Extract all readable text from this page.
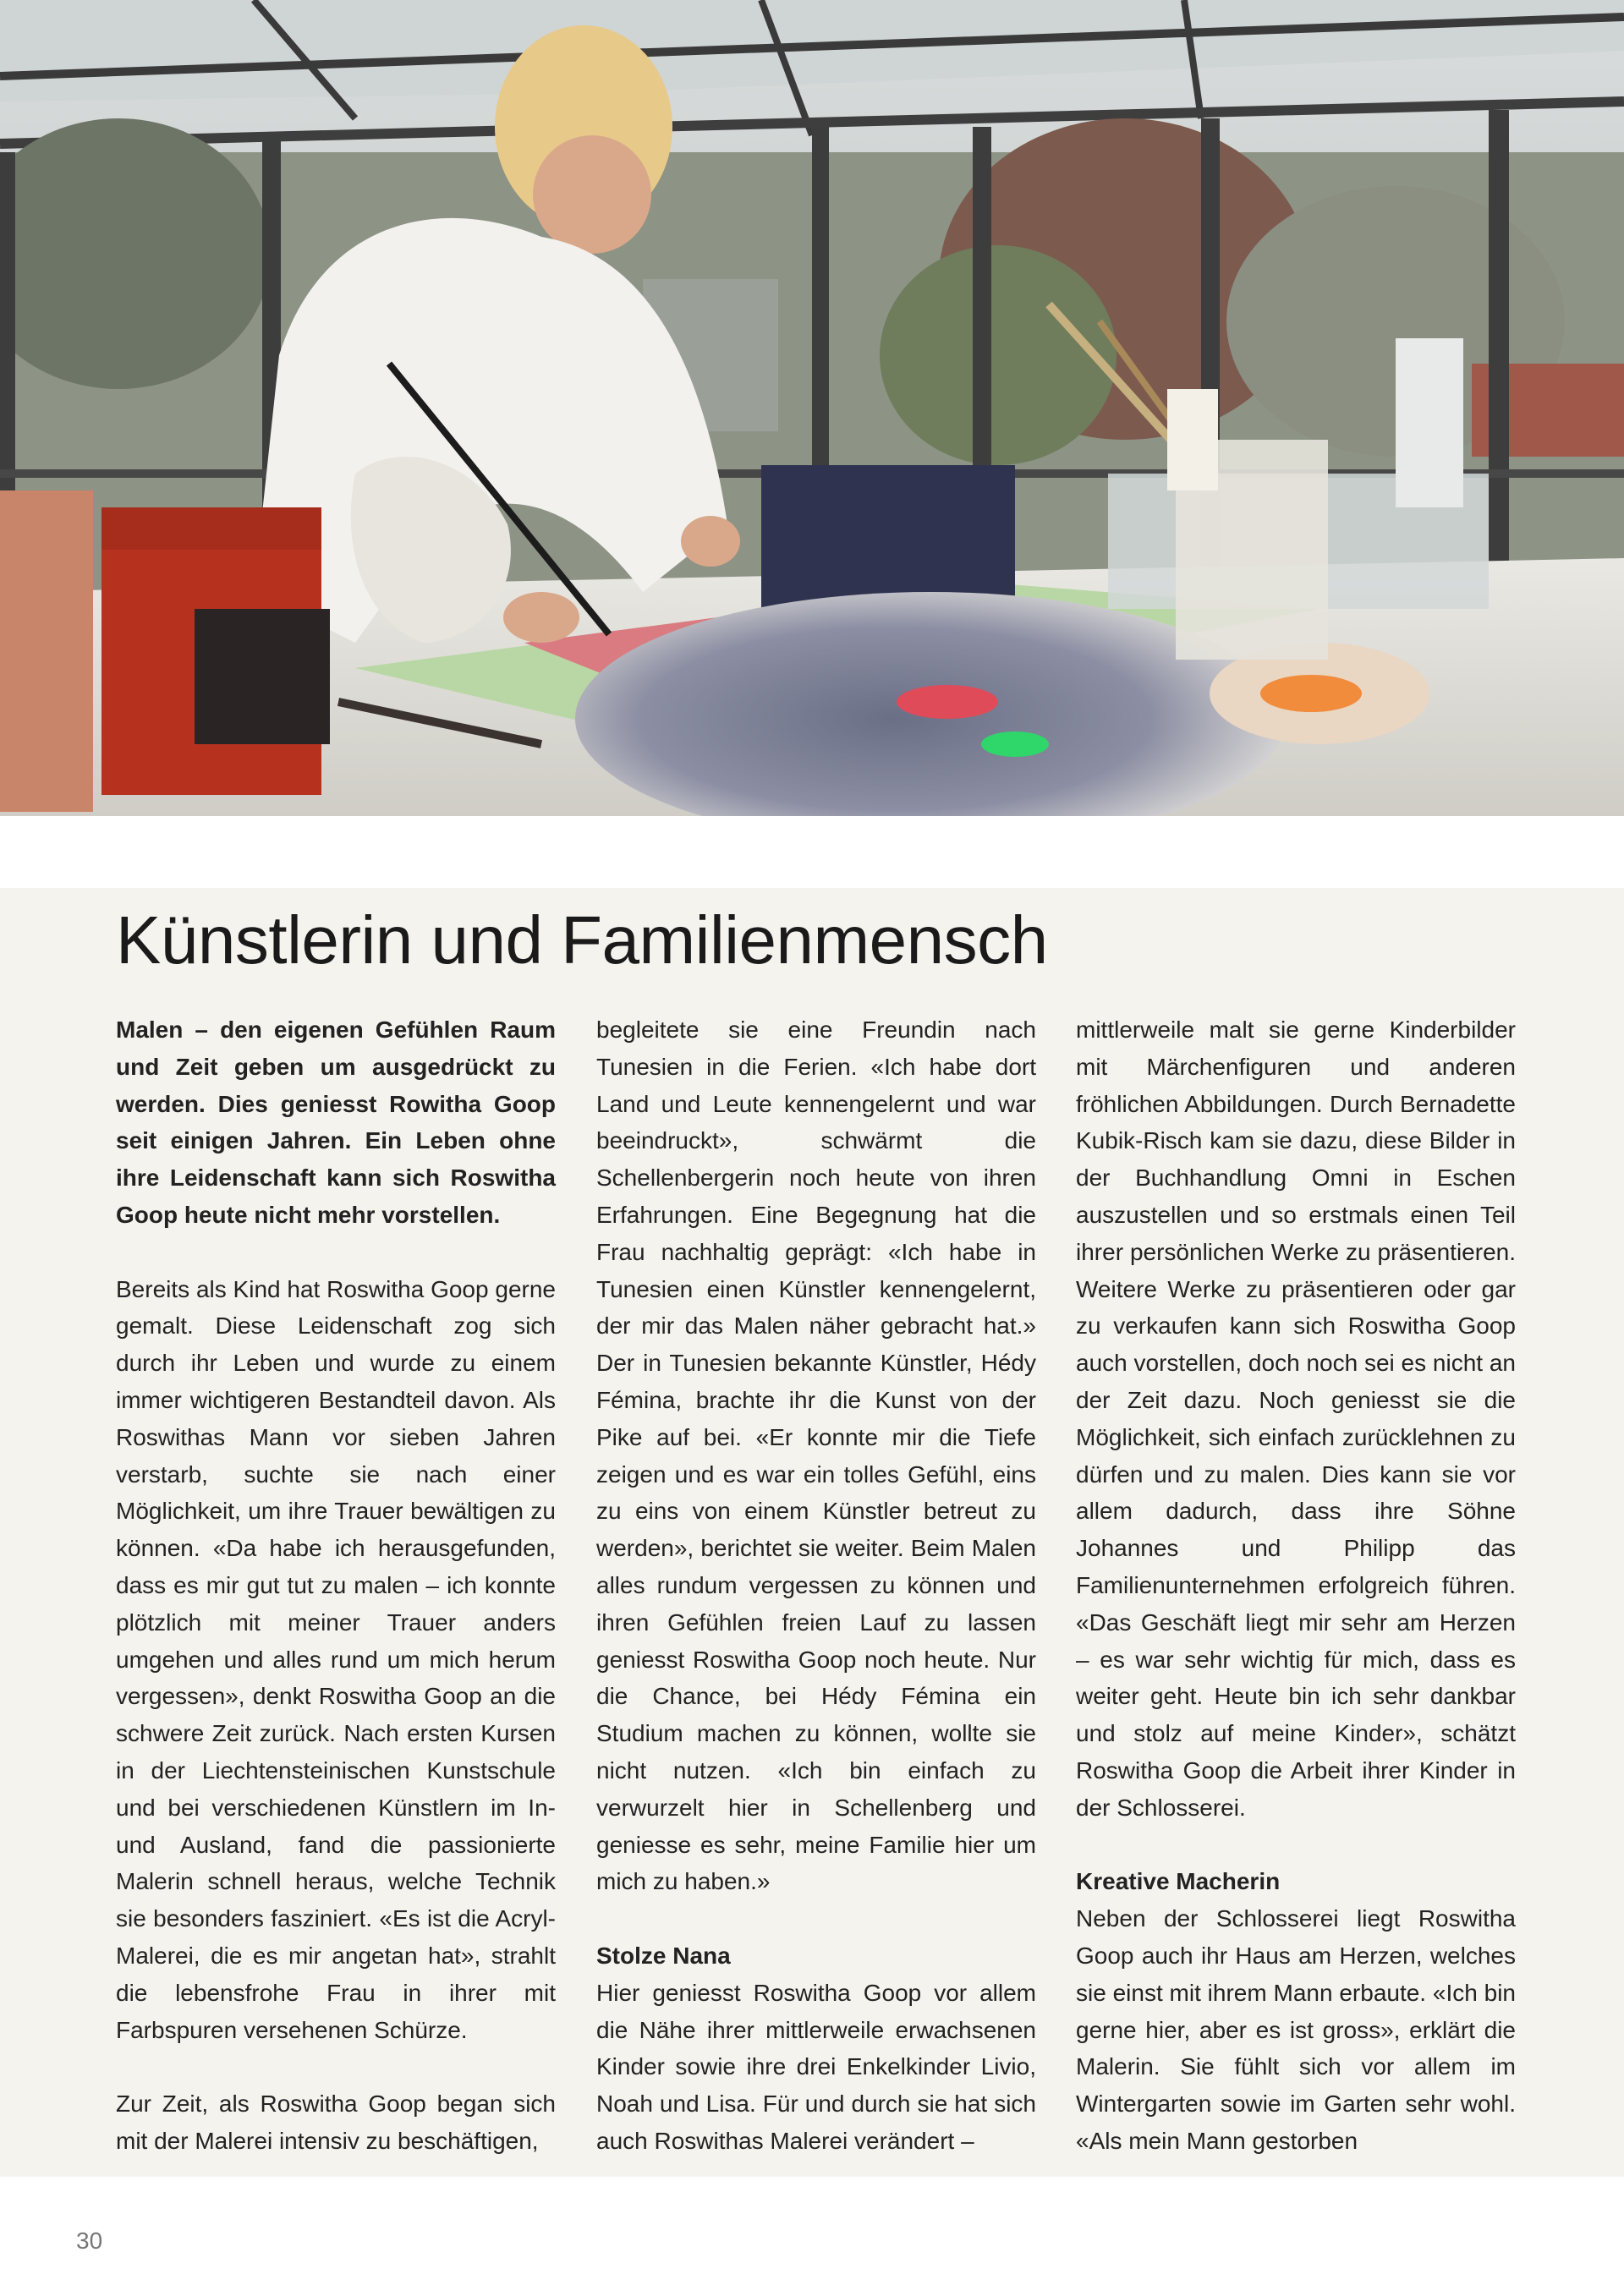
Künstlerin und Familienmensch

Malen – den eigenen Gefühlen Raum und Zeit geben um ausgedrückt zu werden. Dies geniesst Rowitha Goop seit einigen Jahren. Ein Leben ohne ihre Leidenschaft kann sich Roswitha Goop heute nicht mehr vorstellen.

Bereits als Kind hat Roswitha Goop gerne gemalt. Diese Leidenschaft zog sich durch ihr Leben und wurde zu einem immer wichtigeren Bestandteil davon. Als Roswithas Mann vor sieben Jahren verstarb, suchte sie nach einer Möglichkeit, um ihre Trauer bewältigen zu können. «Da habe ich herausgefunden, dass es mir gut tut zu malen – ich konnte plötzlich mit meiner Trauer anders umgehen und alles rund um mich herum vergessen», denkt Roswitha Goop an die schwere Zeit zurück. Nach ersten Kursen in der Liechtensteinischen Kunstschule und bei verschiedenen Künstlern im In- und Ausland, fand die passionierte Malerin schnell heraus, welche Technik sie besonders fasziniert. «Es ist die Acryl-Malerei, die es mir angetan hat», strahlt die lebensfrohe Frau in ihrer mit Farbspuren versehenen Schürze.

Zur Zeit, als Roswitha Goop began sich mit der Malerei intensiv zu beschäftigen,

begleitete sie eine Freundin nach Tunesien in die Ferien. «Ich habe dort Land und Leute kennengelernt und war beeindruckt», schwärmt die Schellenbergerin noch heute von ihren Erfahrungen. Eine Begegnung hat die Frau nachhaltig geprägt: «Ich habe in Tunesien einen Künstler kennengelernt, der mir das Malen näher gebracht hat.» Der in Tunesien bekannte Künstler, Hédy Fémina, brachte ihr die Kunst von der Pike auf bei. «Er konnte mir die Tiefe zeigen und es war ein tolles Gefühl, eins zu eins von einem Künstler betreut zu werden», berichtet sie weiter. Beim Malen alles rundum vergessen zu können und ihren Gefühlen freien Lauf zu lassen geniesst Roswitha Goop noch heute. Nur die Chance, bei Hédy Fémina ein Studium machen zu können, wollte sie nicht nutzen. «Ich bin einfach zu verwurzelt hier in Schellenberg und geniesse es sehr, meine Familie hier um mich zu haben.»

Stolze Nana

Hier geniesst Roswitha Goop vor allem die Nähe ihrer mittlerweile erwachsenen Kinder sowie ihre drei Enkelkinder Livio, Noah und Lisa. Für und durch sie hat sich auch Roswithas Malerei verändert –

mittlerweile malt sie gerne Kinderbilder mit Märchenfiguren und anderen fröhlichen Abbildungen. Durch Bernadette Kubik-Risch kam sie dazu, diese Bilder in der Buchhandlung Omni in Eschen auszustellen und so erstmals einen Teil ihrer persönlichen Werke zu präsentieren. Weitere Werke zu präsentieren oder gar zu verkaufen kann sich Roswitha Goop auch vorstellen, doch noch sei es nicht an der Zeit dazu. Noch geniesst sie die Möglichkeit, sich einfach zurücklehnen zu dürfen und zu malen. Dies kann sie vor allem dadurch, dass ihre Söhne Johannes und Philipp das Familienunternehmen erfolgreich führen. «Das Geschäft liegt mir sehr am Herzen – es war sehr wichtig für mich, dass es weiter geht. Heute bin ich sehr dankbar und stolz auf meine Kinder», schätzt Roswitha Goop die Arbeit ihrer Kinder in der Schlosserei.

Kreative Macherin

Neben der Schlosserei liegt Roswitha Goop auch ihr Haus am Herzen, welches sie einst mit ihrem Mann erbaute. «Ich bin gerne hier, aber es ist gross», erklärt die Malerin. Sie fühlt sich vor allem im Wintergarten sowie im Garten sehr wohl. «Als mein Mann gestorben

30
